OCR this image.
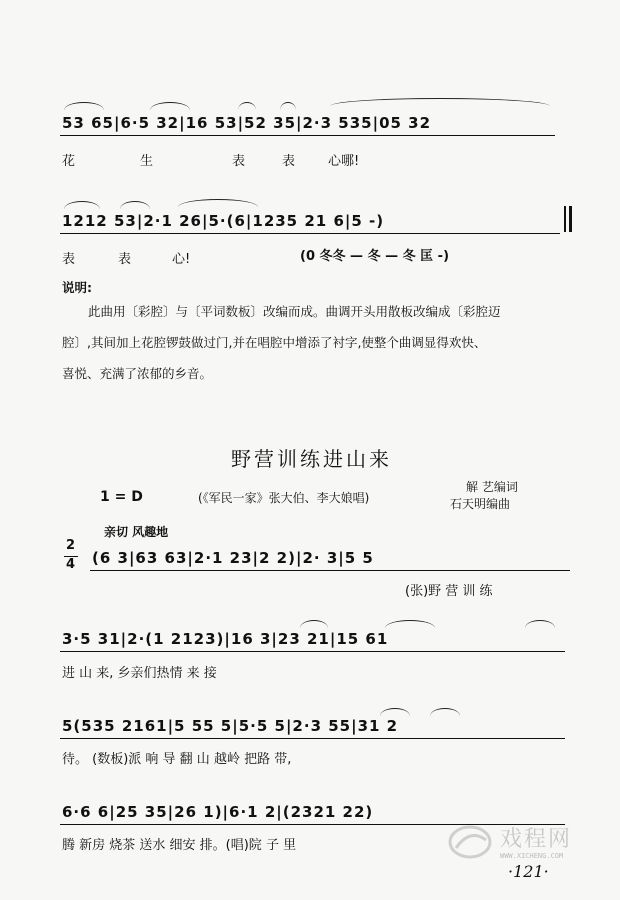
53 65|6·5 32|16 53|52 35|2·3 535|05 32
花	生	表	表	心哪!
1212 53|2·1 26|5·(6|1235 21 6|5 -)
表	表	心!	(0 冬冬 — 冬 — 冬 匡 -)
说明:
此曲用〔彩腔〕与〔平词数板〕改编而成。曲调开头用散板改编成〔彩腔迈
腔〕,其间加上花腔锣鼓做过门,并在唱腔中增添了衬字,使整个曲调显得欢快、
喜悦、充满了浓郁的乡音。
野营训练进山来
1 = D	(《军民一家》张大伯、李大娘唱)
解 艺编词
石天明编曲
亲切 风趣地
2
4 (6 3|63 63|2·1 23|2 2)|2· 3|5 5
(张)野 营 训 练
3·5 31|2·(1 2123)|16 3|23 21|15 61
进 山 来, 乡亲们热情 来 接
5(535 2161|5 55 5|5·5 5|2·3 55|31 2
待。 (数板)派 响 导 翻 山 越岭 把路 带,
6·6 6|25 35|26 1)|6·1 2|(2321 22)
腾 新房 烧茶 送水 细安 排。(唱)院 子 里
·121·
戏程网
WWW.XICHENG.COM
